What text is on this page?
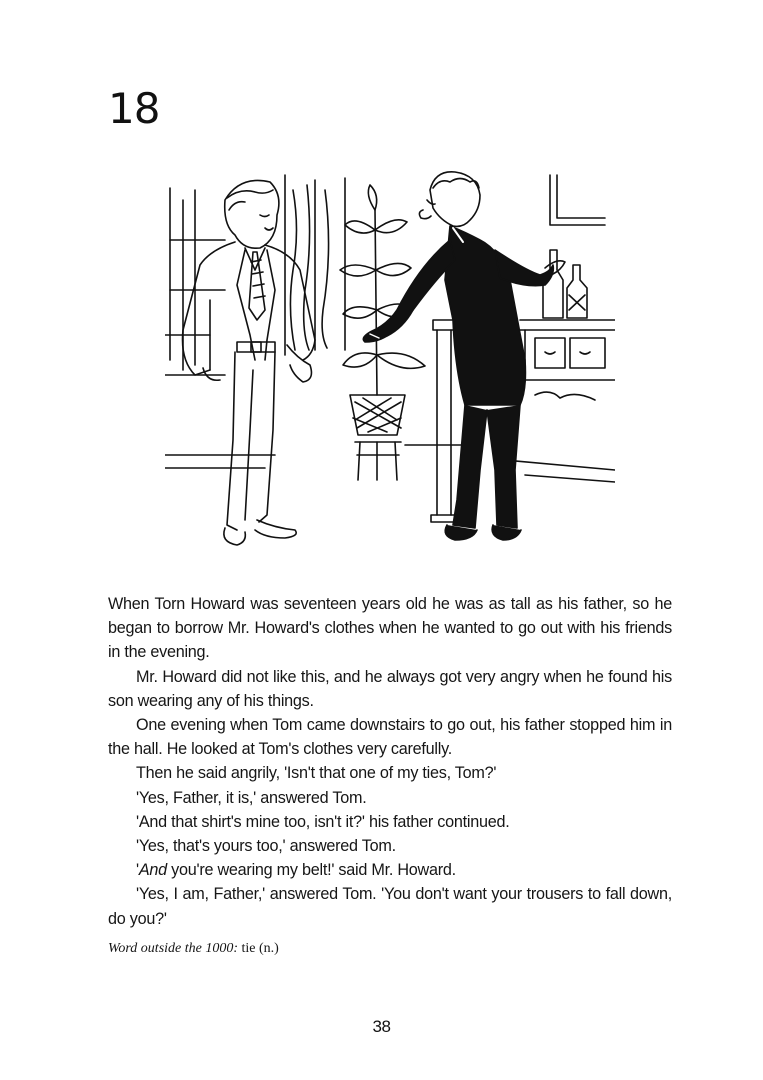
18

When Torn Howard was seventeen years old he was as tall as his father, so he began to borrow Mr. Howard's clothes when he wanted to go out with his friends in the evening.

Mr. Howard did not like this, and he always got very angry when he found his son wearing any of his things.

One evening when Tom came downstairs to go out, his father stopped him in the hall. He looked at Tom's clothes very carefully.

Then he said angrily, 'Isn't that one of my ties, Tom?'

'Yes, Father, it is,' answered Tom.

'And that shirt's mine too, isn't it?' his father continued.

'Yes, that's yours too,' answered Tom.

'And you're wearing my belt!' said Mr. Howard.

'Yes, I am, Father,' answered Tom. 'You don't want your trousers to fall down, do you?'

Word outside the 1000: tie (n.)
38
